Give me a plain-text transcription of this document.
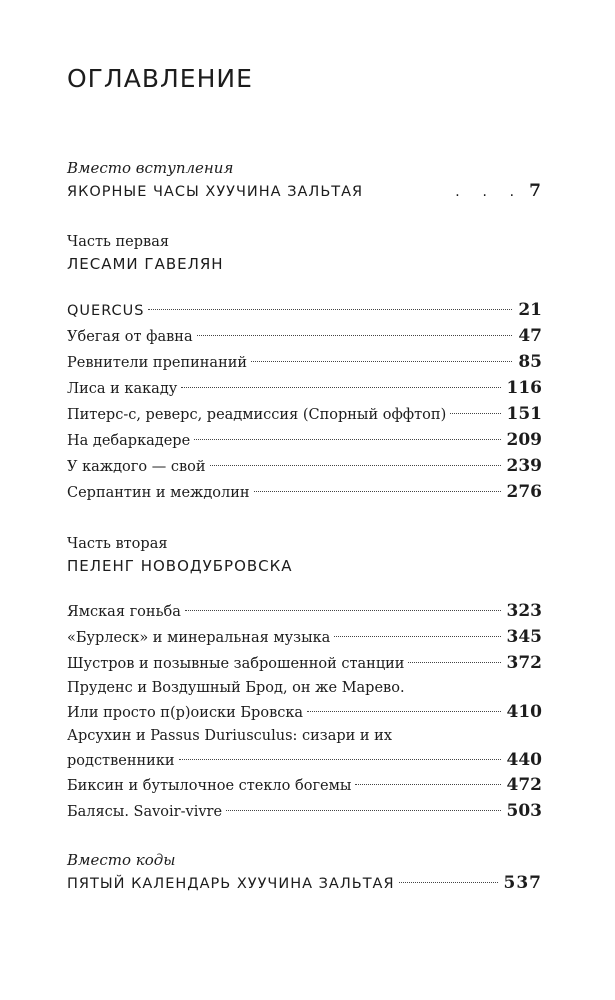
ОГЛАВЛЕНИЕ
Вместо вступления
ЯКОРНЫЕ ЧАСЫ ХУУЧИНА ЗАЛЬТАЯ	. . . 7
Часть первая
ЛЕСАМИ ГАВЕЛЯН
QUERCUS	21
Убегая от фавна	47
Ревнители препинаний	85
Лиса и какаду	116
Питерс-с, реверс, реадмиссия (Спорный оффтоп)	151
На дебаркадере	209
У каждого — свой	239
Серпантин и междолин	276
Часть вторая
ПЕЛЕНГ НОВОДУБРОВСКА
Ямская гоньба	323
«Бурлеск» и минеральная музыка	345
Шустров и позывные заброшенной станции	372
Пруденс и Воздушный Брод, он же Марево.
Или просто п(р)оиски Бровска	410
Арсухин и Passus Duriusculus: сизари и их
родственники	440
Биксин и бутылочное стекло богемы	472
Балясы. Savoir-vivre	503
Вместо коды
ПЯТЫЙ КАЛЕНДАРЬ ХУУЧИНА ЗАЛЬТАЯ	537
